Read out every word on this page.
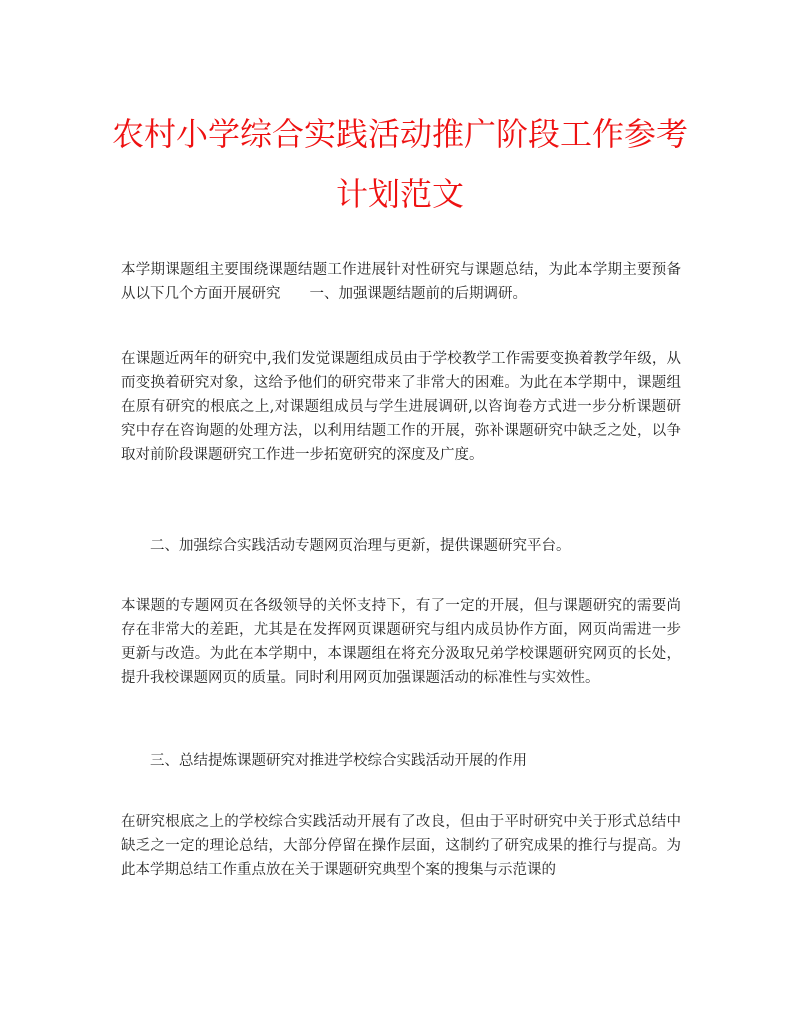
农村小学综合实践活动推广阶段工作参考
计划范文

本学期课题组主要围绕课题结题工作进展针对性研究与课题总结，为此本学期主要预备从以下几个方面开展研究　　一、加强课题结题前的后期调研。

在课题近两年的研究中,我们发觉课题组成员由于学校教学工作需要变换着教学年级，从而变换着研究对象，这给予他们的研究带来了非常大的困难。为此在本学期中，课题组在原有研究的根底之上,对课题组成员与学生进展调研,以咨询卷方式进一步分析课题研究中存在咨询题的处理方法，以利用结题工作的开展，弥补课题研究中缺乏之处，以争取对前阶段课题研究工作进一步拓宽研究的深度及广度。

二、加强综合实践活动专题网页治理与更新，提供课题研究平台。

本课题的专题网页在各级领导的关怀支持下，有了一定的开展，但与课题研究的需要尚存在非常大的差距，尤其是在发挥网页课题研究与组内成员协作方面，网页尚需进一步更新与改造。为此在本学期中，本课题组在将充分汲取兄弟学校课题研究网页的长处，提升我校课题网页的质量。同时利用网页加强课题活动的标准性与实效性。

三、总结提炼课题研究对推进学校综合实践活动开展的作用

在研究根底之上的学校综合实践活动开展有了改良，但由于平时研究中关于形式总结中缺乏之一定的理论总结，大部分停留在操作层面，这制约了研究成果的推行与提高。为此本学期总结工作重点放在关于课题研究典型个案的搜集与示范课的
